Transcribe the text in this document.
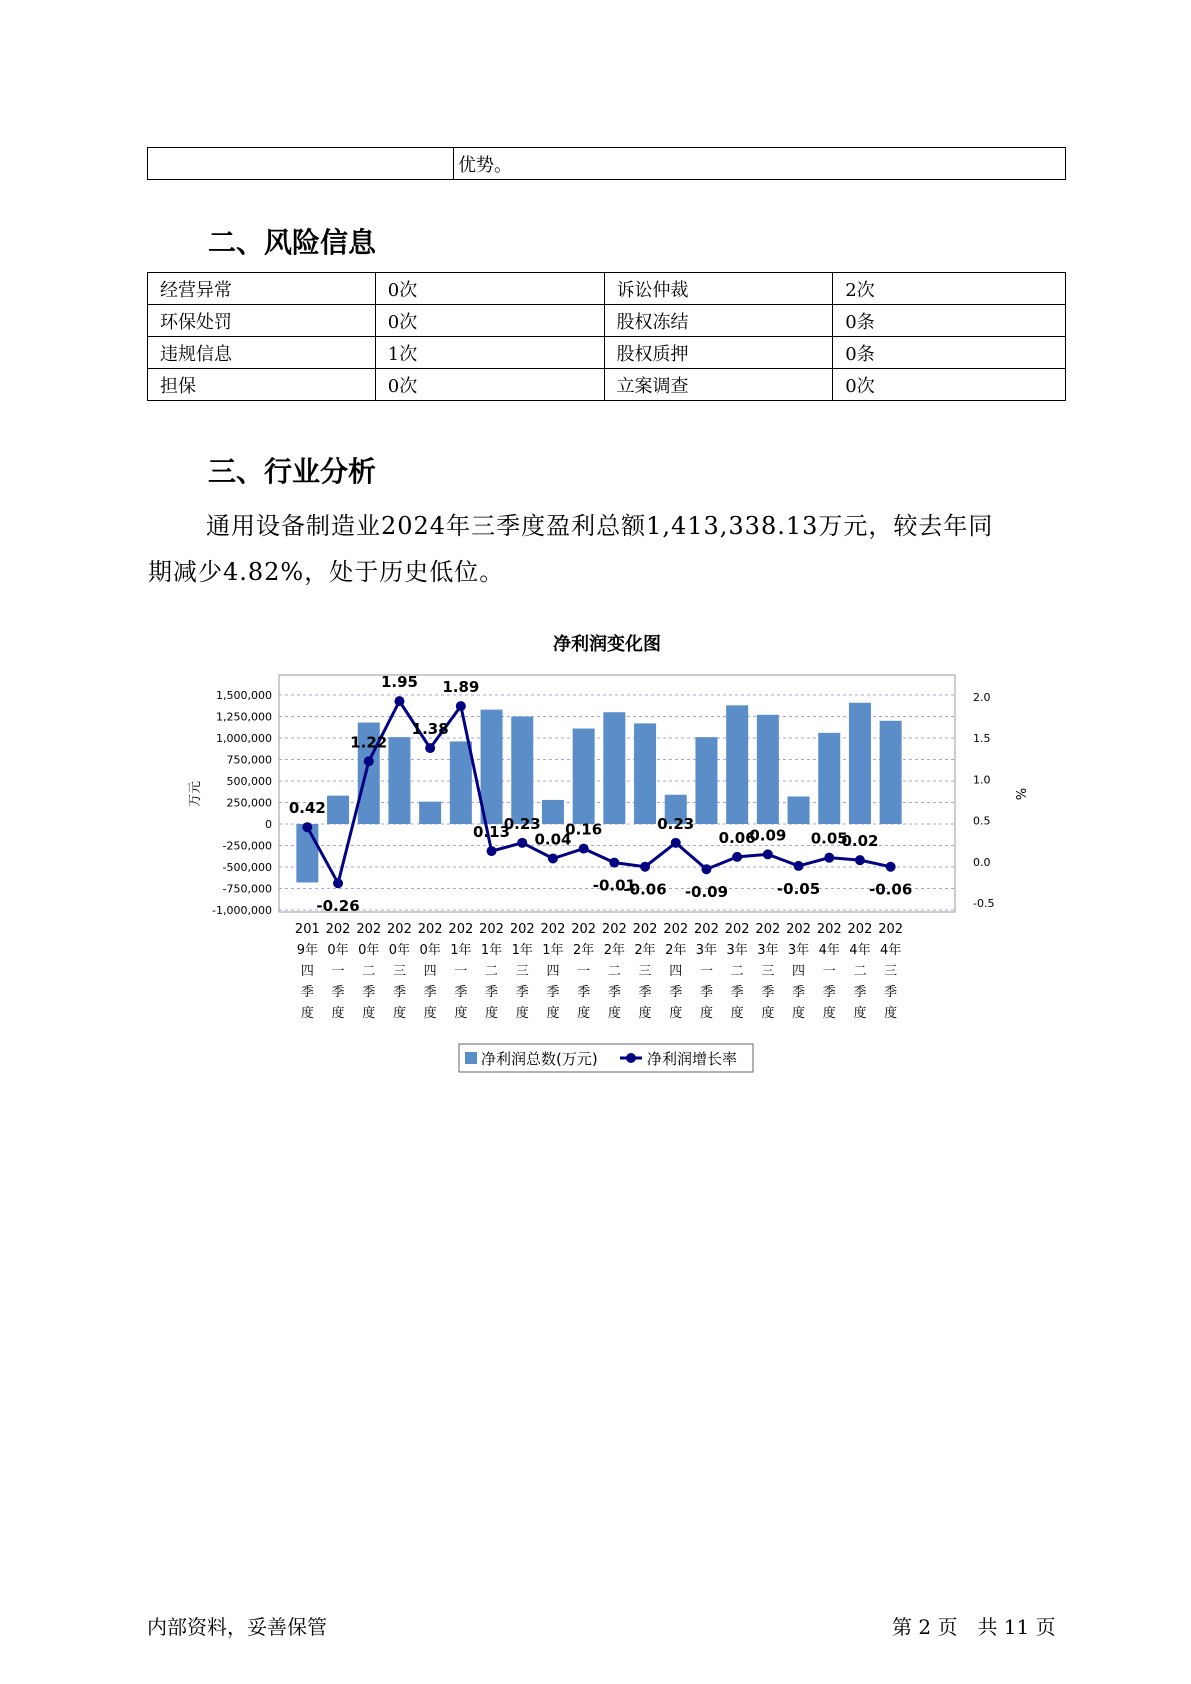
	优势。
二、风险信息
经营异常	0次	诉讼仲裁	2次
环保处罚	0次	股权冻结	0条
违规信息	1次	股权质押	0条
担保	0次	立案调查	0次
三、行业分析

通用设备制造业2024年三季度盈利总额1,413,338.13万元，较去年同

期减少4.82%，处于历史低位。

净利润变化图
1,500,000
1,250,000
1,000,000
750,000
500,000
250,000
0
-250,000
-500,000
-750,000
-1,000,000
2.0
1.5
1.0
0.5
0.0
-0.5
0.42
-0.26
1.22
1.95
1.38
1.89
0.13
0.23
0.04
0.16
-0.01
-0.06
0.23
-0.09
0.06
0.09
-0.05
0.05
0.02
-0.06
201 9年四季度
202 0年一季度
202 0年二季度
202 0年三季度
202 0年四季度
202 1年一季度
202 1年二季度
202 1年三季度
202 1年四季度
202 2年一季度
202 2年二季度
202 2年三季度
202 2年四季度
202 3年一季度
202 3年二季度
202 3年三季度
202 3年四季度
202 4年一季度
202 4年二季度
202 4年三季度
万元	%
净利润总数(万元)	净利润增长率
内部资料，妥善保管	第 2 页　共 11 页
